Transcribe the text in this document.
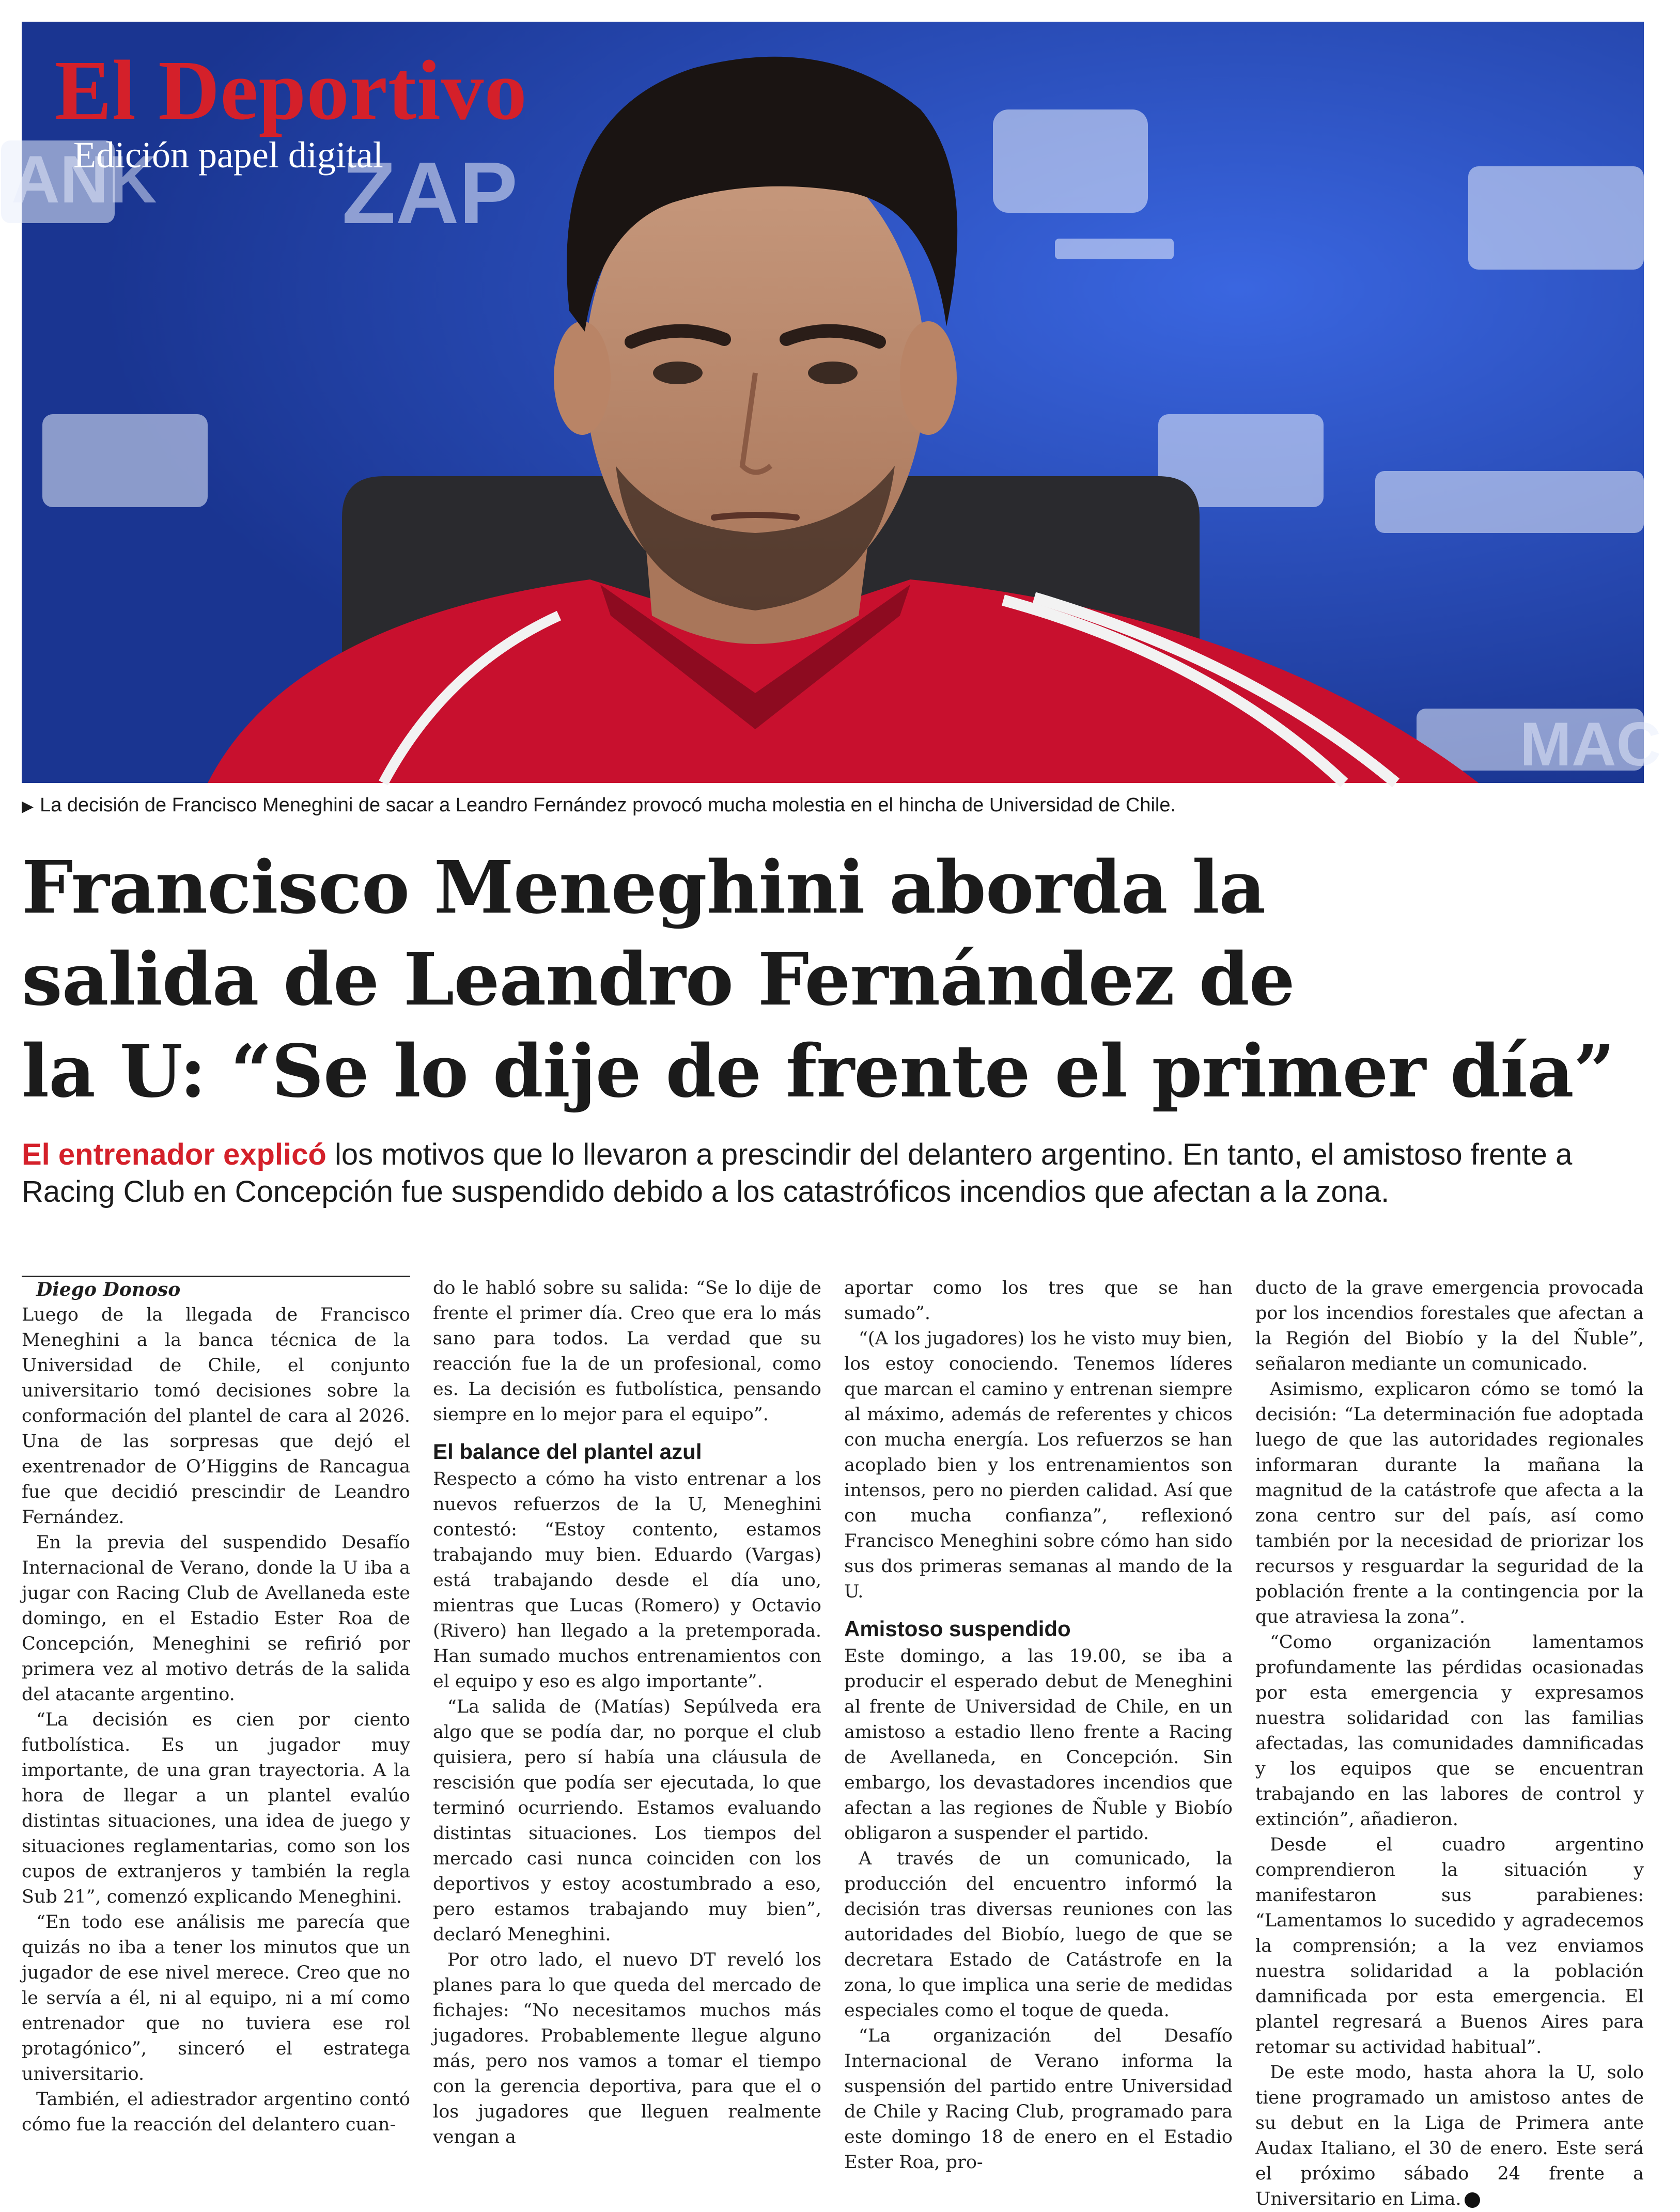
ZAP
ANK
MAC
El Deportivo
Edición papel digital
▶ La decisión de Francisco Meneghini de sacar a Leandro Fernández provocó mucha molestia en el hincha de Universidad de Chile.
Francisco Meneghini aborda la
salida de Leandro Fernández de
la U: “Se lo dije de frente el primer día”
El entrenador explicó los motivos que lo llevaron a prescindir del delantero argentino. En tanto, el amistoso frente a Racing Club en Concepción fue suspendido debido a los catastróficos incendios que afectan a la zona.

Diego Donoso

Luego de la llegada de Francisco Meneghini a la banca técnica de la Universidad de Chile, el conjunto universitario tomó decisiones sobre la conformación del plantel de cara al 2026. Una de las sorpresas que dejó el exentrenador de O’Higgins de Rancagua fue que decidió prescindir de Leandro Fernández.

En la previa del suspendido Desafío Internacional de Verano, donde la U iba a jugar con Racing Club de Avellaneda este domingo, en el Estadio Ester Roa de Concepción, Meneghini se refirió por primera vez al motivo detrás de la salida del atacante argentino.

“La decisión es cien por ciento futbolística. Es un jugador muy importante, de una gran trayectoria. A la hora de llegar a un plantel evalúo distintas situaciones, una idea de juego y situaciones reglamentarias, como son los cupos de extranjeros y también la regla Sub 21”, comenzó explicando Meneghini.

“En todo ese análisis me parecía que quizás no iba a tener los minutos que un jugador de ese nivel merece. Creo que no le servía a él, ni al equipo, ni a mí como entrenador que no tuviera ese rol protagónico”, sinceró el estratega universitario.

También, el adiestrador argentino contó cómo fue la reacción del delantero cuan-

do le habló sobre su salida: “Se lo dije de frente el primer día. Creo que era lo más sano para todos. La verdad que su reacción fue la de un profesional, como es. La decisión es futbolística, pensando siempre en lo mejor para el equipo”.

El balance del plantel azul

Respecto a cómo ha visto entrenar a los nuevos refuerzos de la U, Meneghini contestó: “Estoy contento, estamos trabajando muy bien. Eduardo (Vargas) está trabajando desde el día uno, mientras que Lucas (Romero) y Octavio (Rivero) han llegado a la pretemporada. Han sumado muchos entrenamientos con el equipo y eso es algo importante”.

“La salida de (Matías) Sepúlveda era algo que se podía dar, no porque el club quisiera, pero sí había una cláusula de rescisión que podía ser ejecutada, lo que terminó ocurriendo. Estamos evaluando distintas situaciones. Los tiempos del mercado casi nunca coinciden con los deportivos y estoy acostumbrado a eso, pero estamos trabajando muy bien”, declaró Meneghini.

Por otro lado, el nuevo DT reveló los planes para lo que queda del mercado de fichajes: “No necesitamos muchos más jugadores. Probablemente llegue alguno más, pero nos vamos a tomar el tiempo con la gerencia deportiva, para que el o los jugadores que lleguen realmente vengan a

aportar como los tres que se han sumado”.

“(A los jugadores) los he visto muy bien, los estoy conociendo. Tenemos líderes que marcan el camino y entrenan siempre al máximo, además de referentes y chicos con mucha energía. Los refuerzos se han acoplado bien y los entrenamientos son intensos, pero no pierden calidad. Así que con mucha confianza”, reflexionó Francisco Meneghini sobre cómo han sido sus dos primeras semanas al mando de la U.

Amistoso suspendido

Este domingo, a las 19.00, se iba a producir el esperado debut de Meneghini al frente de Universidad de Chile, en un amistoso a estadio lleno frente a Racing de Avellaneda, en Concepción. Sin embargo, los devastadores incendios que afectan a las regiones de Ñuble y Biobío obligaron a suspender el partido.

A través de un comunicado, la producción del encuentro informó la decisión tras diversas reuniones con las autoridades del Biobío, luego de que se decretara Estado de Catástrofe en la zona, lo que implica una serie de medidas especiales como el toque de queda.

“La organización del Desafío Internacional de Verano informa la suspensión del partido entre Universidad de Chile y Racing Club, programado para este domingo 18 de enero en el Estadio Ester Roa, pro-

ducto de la grave emergencia provocada por los incendios forestales que afectan a la Región del Biobío y la del Ñuble”, señalaron mediante un comunicado.

Asimismo, explicaron cómo se tomó la decisión: “La determinación fue adoptada luego de que las autoridades regionales informaran durante la mañana la magnitud de la catástrofe que afecta a la zona centro sur del país, así como también por la necesidad de priorizar los recursos y resguardar la seguridad de la población frente a la contingencia por la que atraviesa la zona”.

“Como organización lamentamos profundamente las pérdidas ocasionadas por esta emergencia y expresamos nuestra solidaridad con las familias afectadas, las comunidades damnificadas y los equipos que se encuentran trabajando en las labores de control y extinción”, añadieron.

Desde el cuadro argentino comprendieron la situación y manifestaron sus parabienes: “Lamentamos lo sucedido y agradecemos la comprensión; a la vez enviamos nuestra solidaridad a la población damnificada por esta emergencia. El plantel regresará a Buenos Aires para retomar su actividad habitual”.

De este modo, hasta ahora la U, solo tiene programado un amistoso antes de su debut en la Liga de Primera ante Audax Italiano, el 30 de enero. Este será el próximo sábado 24 frente a Universitario en Lima.
